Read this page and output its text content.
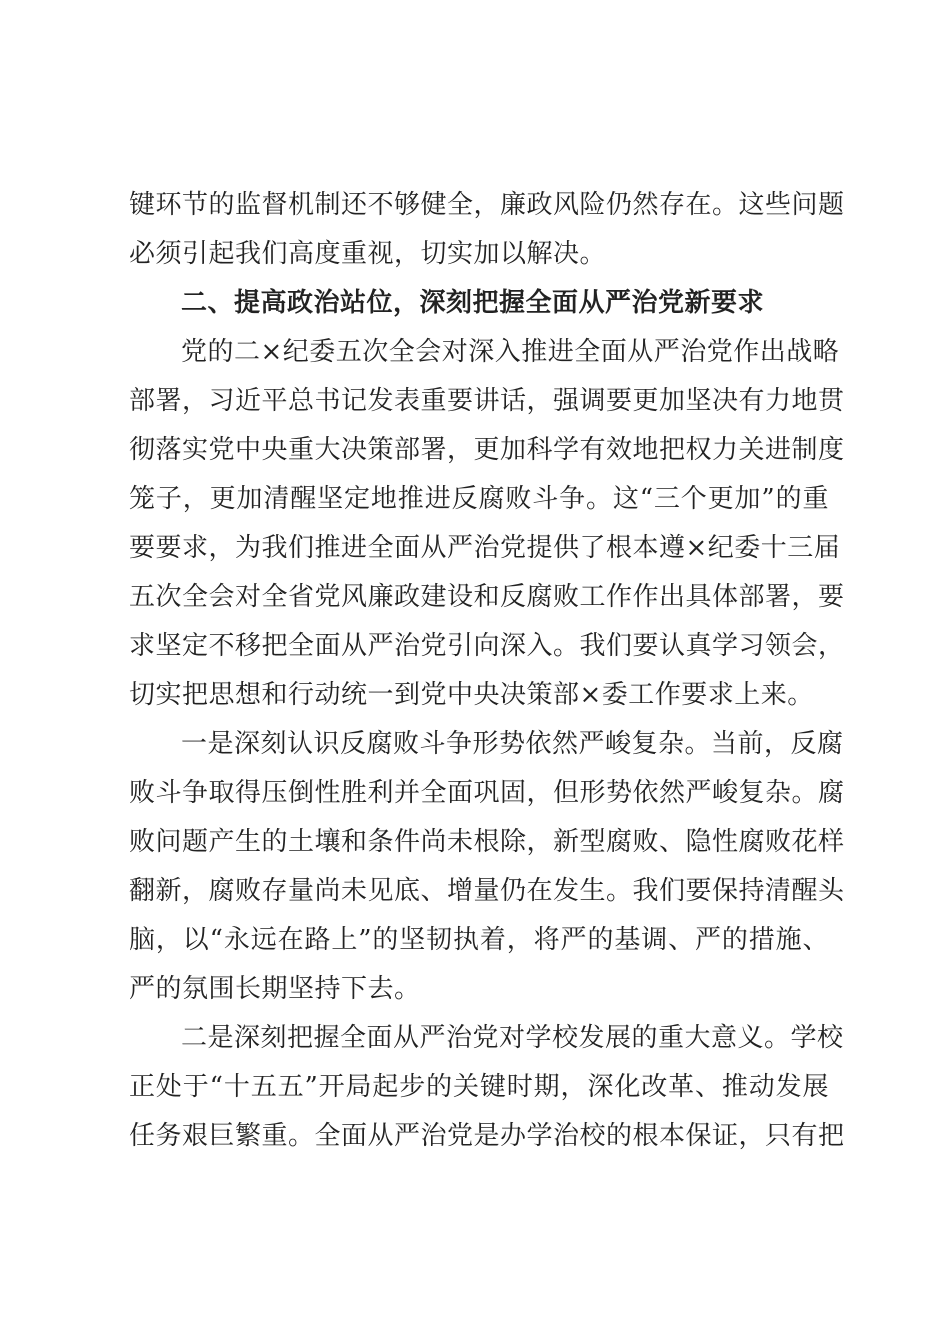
键环节的监督机制还不够健全，廉政风险仍然存在。这些问题
必须引起我们高度重视，切实加以解决。
二、提高政治站位，深刻把握全面从严治党新要求
党的二×纪委五次全会对深入推进全面从严治党作出战略
部署，习近平总书记发表重要讲话，强调要更加坚决有力地贯
彻落实党中央重大决策部署，更加科学有效地把权力关进制度
笼子，更加清醒坚定地推进反腐败斗争。这“三个更加”的重
要要求，为我们推进全面从严治党提供了根本遵×纪委十三届
五次全会对全省党风廉政建设和反腐败工作作出具体部署，要
求坚定不移把全面从严治党引向深入。我们要认真学习领会，
切实把思想和行动统一到党中央决策部×委工作要求上来。
一是深刻认识反腐败斗争形势依然严峻复杂。当前，反腐
败斗争取得压倒性胜利并全面巩固，但形势依然严峻复杂。腐
败问题产生的土壤和条件尚未根除，新型腐败、隐性腐败花样
翻新，腐败存量尚未见底、增量仍在发生。我们要保持清醒头
脑，以“永远在路上”的坚韧执着，将严的基调、严的措施、
严的氛围长期坚持下去。
二是深刻把握全面从严治党对学校发展的重大意义。学校
正处于“十五五”开局起步的关键时期，深化改革、推动发展
任务艰巨繁重。全面从严治党是办学治校的根本保证，只有把
